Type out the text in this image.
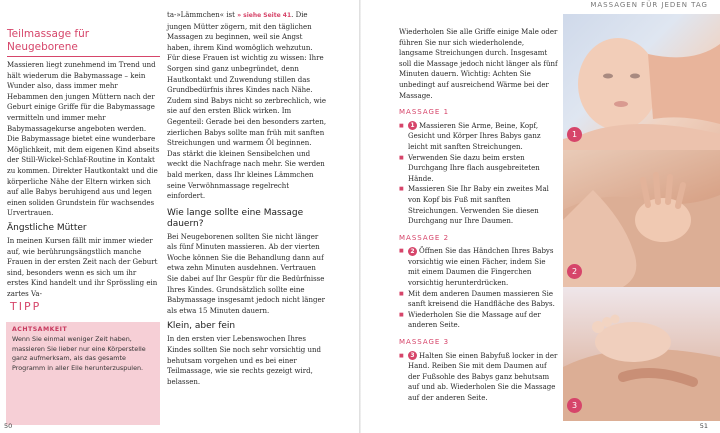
Teilmassage für Neugeborene

Massieren liegt zunehmend im Trend und hält wiederum die Babymassage – kein Wunder also, dass immer mehr Hebammen den jungen Müttern nach der Geburt einige Griffe für die Babymassage vermitteln und immer mehr Babymassagekurse angeboten werden. Die Babymassage bietet eine wunderbare Möglichkeit, mit dem eigenen Kind abseits der Still-Wickel-Schlaf-Routine in Kontakt zu kommen. Direkter Hautkontakt und die körperliche Nähe der Eltern wirken sich auf alle Babys beruhigend aus und legen einen soliden Grundstein für wachsendes Urvertrauen.

Ängstliche Mütter

In meinen Kursen fällt mir immer wieder auf, wie berührungsängstlich manche Frauen in der ersten Zeit nach der Geburt sind, besonders wenn es sich um ihr erstes Kind handelt und ihr Sprössling ein zartes Va-

TIPP
ACHTSAMKEIT
Wenn Sie einmal weniger Zeit haben, massieren Sie lieber nur eine Körperstelle ganz aufmerksam, als das gesamte Programm in aller Eile herunterzuspulen.

ta-»Lämmchen« ist » siehe Seite 41. Die jungen Mütter zögern, mit den täglichen Massagen zu beginnen, weil sie Angst haben, ihrem Kind womöglich wehzutun. Für diese Frauen ist wichtig zu wissen: Ihre Sorgen sind ganz unbegründet, denn Hautkontakt und Zuwendung stillen das Grundbedürfnis ihres Kindes nach Nähe. Zudem sind Babys nicht so zerbrechlich, wie sie auf den ersten Blick wirken. Im Gegenteil: Gerade bei den besonders zarten, zierlichen Babys sollte man früh mit sanften Streichungen und warmem Öl beginnen. Das stärkt die kleinen Sensibelchen und weckt die Nachfrage nach mehr. Sie werden bald merken, dass Ihr kleines Lämmchen seine Verwöhnmassage regelrecht einfordert.

Wie lange sollte eine Massage dauern?

Bei Neugeborenen sollten Sie nicht länger als fünf Minuten massieren. Ab der vierten Woche können Sie die Behandlung dann auf etwa zehn Minuten ausdehnen. Vertrauen Sie dabei auf Ihr Gespür für die Bedürfnisse Ihres Kindes. Grundsätzlich sollte eine Babymassage insgesamt jedoch nicht länger als etwa 15 Minuten dauern.

Klein, aber fein

In den ersten vier Lebenswochen Ihres Kindes sollten Sie noch sehr vorsichtig und behutsam vorgehen und es bei einer Teilmassage, wie sie rechts gezeigt wird, belassen.

50
MASSAGEN FÜR JEDEN TAG

Wiederholen Sie alle Griffe einige Male oder führen Sie nur sich wiederholende, langsame Streichungen durch. Insgesamt soll die Massage jedoch nicht länger als fünf Minuten dauern. Wichtig: Achten Sie unbedingt auf ausreichend Wärme bei der Massage.

MASSAGE 1
■ 1 Massieren Sie Arme, Beine, Kopf, Gesicht und Körper Ihres Babys ganz leicht mit sanften Streichungen.
■ Verwenden Sie dazu beim ersten Durchgang Ihre flach ausgebreiteten Hände.
■ Massieren Sie Ihr Baby ein zweites Mal von Kopf bis Fuß mit sanften Streichungen. Verwenden Sie diesen Durchgang nur Ihre Daumen.
MASSAGE 2
■ 2 Öffnen Sie das Händchen Ihres Babys vorsichtig wie einen Fächer, indem Sie mit einem Daumen die Fingerchen vorsichtig herunterdrücken.
■ Mit dem anderen Daumen massieren Sie sanft kreisend die Handfläche des Babys.
■ Wiederholen Sie die Massage auf der anderen Seite.
MASSAGE 3
■ 3 Halten Sie einen Babyfuß locker in der Hand. Reiben Sie mit dem Daumen auf der Fußsohle des Babys ganz behutsam auf und ab. Wiederholen Sie die Massage auf der anderen Seite.
51
1
2
3
